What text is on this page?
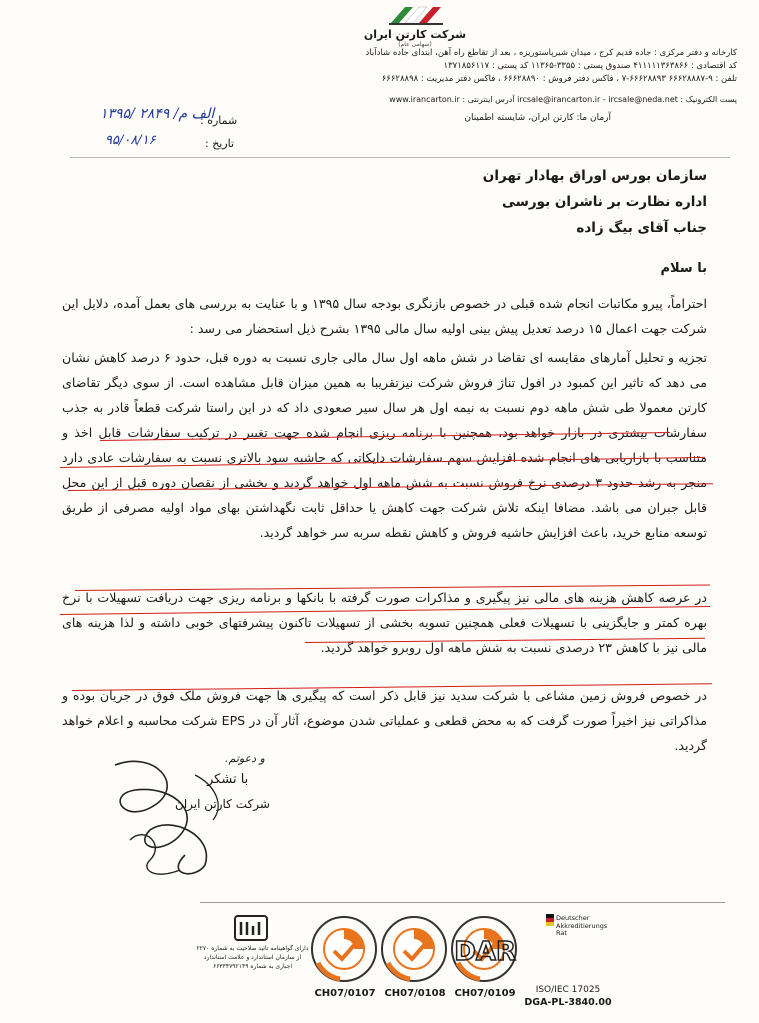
شرکت کارتن ایران
(سهامی عام)
کارخانه و دفتر مرکزی : جاده قدیم کرج ، میدان شیرپاستوریزه ، بعد از تقاطع راه آهن، ابتدای جاده شادآباد
کد اقتصادی : ۴۱۱۱۱۱۳۶۳۸۶۶ صندوق پستی : ۳۳۵۵-۱۱۳۶۵ کد پستی : ۱۳۷۱۸۵۶۱۱۷
تلفن : ۹-۶۶۶۲۸۸۸۷ ۶۶۶۲۸۸۹۳-۷ ، فاکس دفتر فروش : ۶۶۶۲۸۸۹۰ ، فاکس دفتر مدیریت : ۶۶۶۲۸۸۹۸
پست الکترونیک : ircsale@irancarton.ir - ircsale@neda.net آدرس اینترنتی : www.irancarton.ir
آرمان ما: کارتن ایران، شایسته اطمینان
شماره :
۱۳۹۵/ ۲۸۴۹ /الف م
تاریخ :
۹۵/۰۸/۱۶
سازمان بورس اوراق بهادار تهران
اداره نظارت بر ناشران بورسی
جناب آقای بیگ زاده
با سلام
احتراماً، پیرو مکاتبات انجام شده قبلی در خصوص بازنگری بودجه سال ۱۳۹۵ و با عنایت به بررسی های بعمل آمده، دلایل این شرکت جهت اعمال ۱۵ درصد تعدیل پیش بینی اولیه سال مالی ۱۳۹۵ بشرح ذیل استحضار می رسد :
تجزیه و تحلیل آمارهای مقایسه ای تقاضا در شش ماهه اول سال مالی جاری نسبت به دوره قبل، حدود ۶ درصد کاهش نشان می دهد که تاثیر این کمبود در افول تناژ فروش شرکت نیزتقریبا به همین میزان قابل مشاهده است. از سوی دیگر تقاضای کارتن معمولا طی شش ماهه دوم نسبت به نیمه اول هر سال سیر صعودی داد که در این راستا شرکت قطعاً قادر به جذب سفارشات بیشتری در بازار خواهد بود، همچنین با برنامه ریزی انجام شده جهت تغییر در ترکیب سفارشات قابل اخذ و متناسب با بازاریابی های انجام شده افزایش سهم سفارشات دایکاتی که حاشیه سود بالاتری نسبت به سفارشات عادی دارد منجر به رشد حدود ۳ درصدی نرخ فروش نسبت به شش ماهه اول خواهد گردید و بخشی از نقصان دوره قبل از این محل قابل جبران می باشد. مضافا اینکه تلاش شرکت جهت کاهش یا حداقل ثابت نگهداشتن بهای مواد اولیه مصرفی از طریق توسعه منابع خرید، باعث افزایش حاشیه فروش و کاهش نقطه سربه سر خواهد گردید.
در عرصه کاهش هزینه های مالی نیز پیگیری و مذاکرات صورت گرفته با بانکها و برنامه ریزی جهت دریافت تسهیلات با نرخ بهره کمتر و جایگزینی با تسهیلات فعلی همچنین تسویه بخشی از تسهیلات تاکنون پیشرفتهای خوبی داشته و لذا هزینه های مالی نیز با کاهش ۲۳ درصدی نسبت به شش ماهه اول روبرو خواهد گردید.
در خصوص فروش زمین مشاعی با شرکت سدید نیز قابل ذکر است که پیگیری ها جهت فروش ملک فوق در جریان بوده و مذاکراتی نیز اخیراً صورت گرفت که به محض قطعی و عملیاتی شدن موضوع، آثار آن در EPS شرکت محاسبه و اعلام خواهد گردید.
و دعوتم.
با تشکر
شرکت کارتن ایران
دارای گواهینامه تائید صلاحیت به شماره ۲۲۷۰ از سازمان استاندارد و علامت استاندارد اجباری به شماره ۶۶۳۳۴۷۹۲۱۴۹
CH07/0107 CH07/0108 CH07/0109
DAR
Deutscher Akkreditierungs Rat
ISO/IEC 17025
DGA-PL-3840.00
